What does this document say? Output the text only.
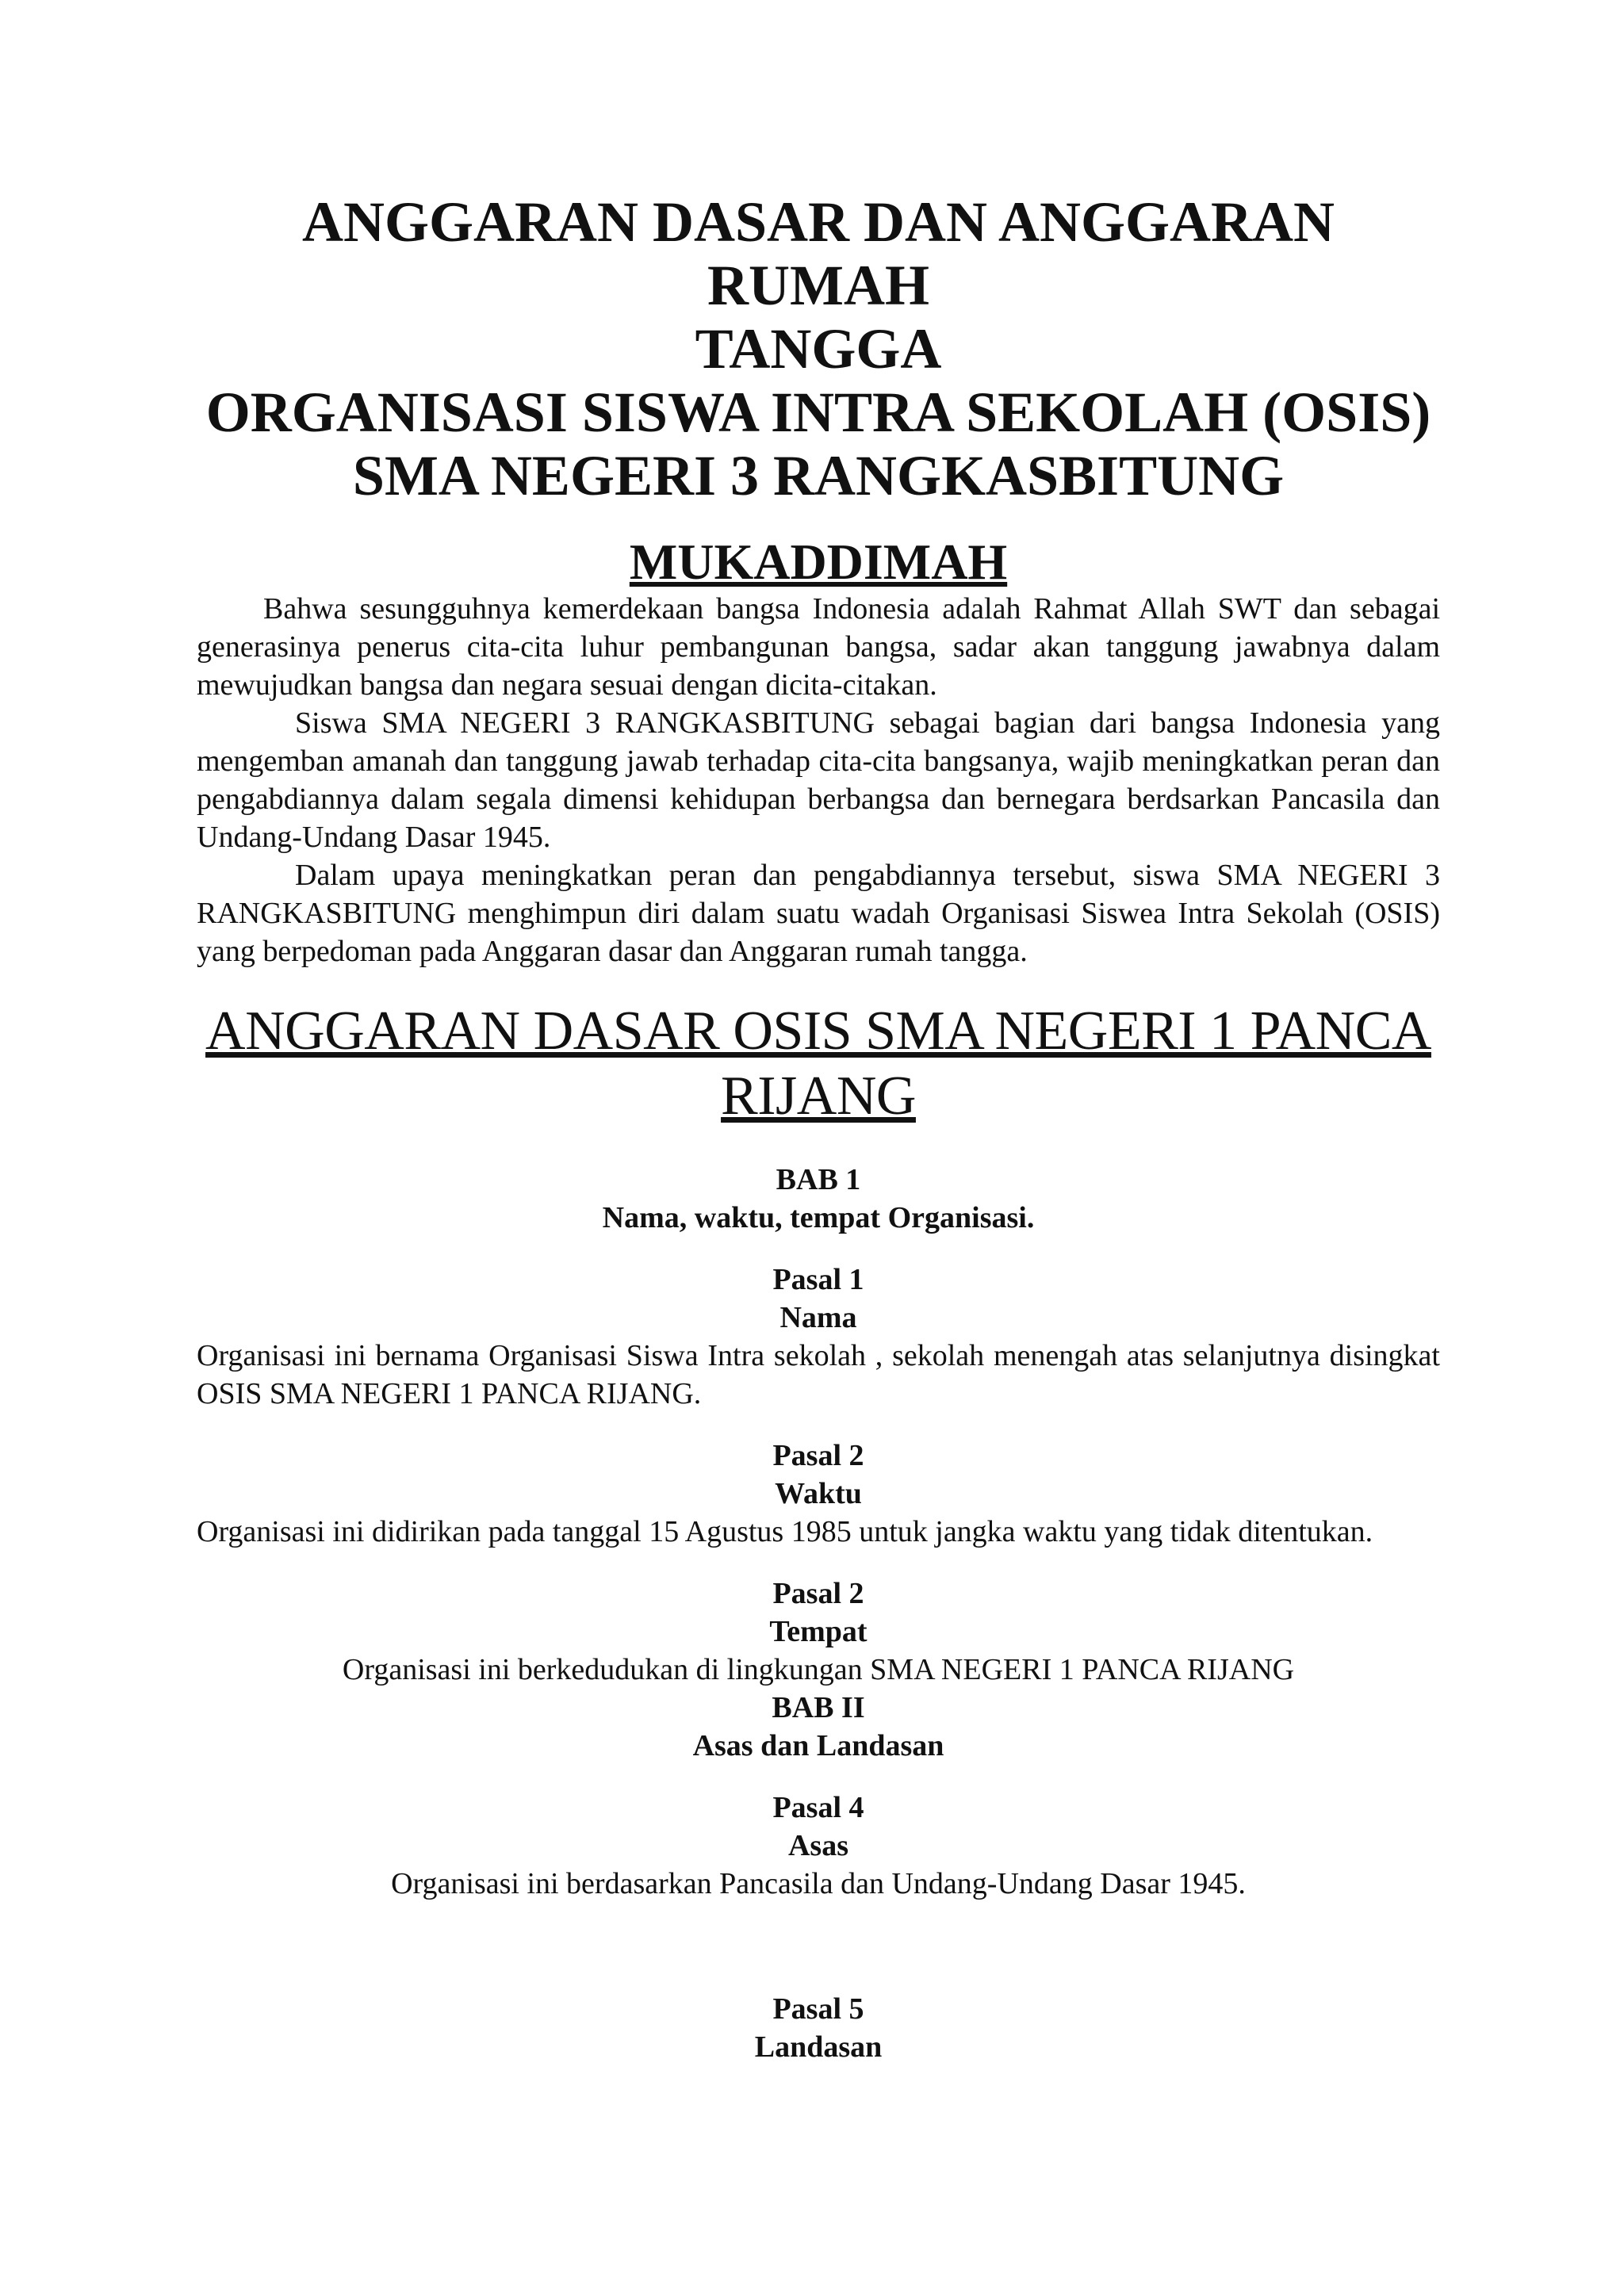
ANGGARAN DASAR DAN ANGGARAN RUMAH

TANGGA

ORGANISASI SISWA INTRA SEKOLAH (OSIS)

SMA NEGERI 3 RANGKASBITUNG

MUKADDIMAH

Bahwa sesungguhnya kemerdekaan bangsa Indonesia adalah Rahmat Allah SWT dan sebagai generasinya penerus cita-cita luhur pembangunan bangsa, sadar akan tanggung jawabnya dalam mewujudkan bangsa dan negara sesuai dengan dicita-citakan.

Siswa SMA NEGERI 3 RANGKASBITUNG sebagai bagian dari bangsa Indonesia yang mengemban amanah dan tanggung jawab terhadap cita-cita bangsanya, wajib meningkatkan peran dan pengabdiannya dalam segala dimensi kehidupan berbangsa dan bernegara berdsarkan Pancasila dan Undang-Undang Dasar 1945.

Dalam upaya meningkatkan peran dan pengabdiannya tersebut, siswa SMA NEGERI 3 RANGKASBITUNG menghimpun diri dalam suatu wadah Organisasi Siswea Intra Sekolah (OSIS) yang berpedoman pada Anggaran dasar dan Anggaran rumah tangga.

ANGGARAN DASAR OSIS SMA NEGERI 1 PANCA RIJANG

BAB 1

Nama, waktu, tempat Organisasi.

Pasal 1

Nama

Organisasi ini bernama Organisasi Siswa Intra sekolah , sekolah menengah atas selanjutnya disingkat OSIS SMA NEGERI 1 PANCA RIJANG.

Pasal 2

Waktu

Organisasi ini didirikan pada tanggal 15 Agustus 1985 untuk jangka waktu yang tidak ditentukan.

Pasal 2

Tempat

Organisasi ini berkedudukan di lingkungan SMA NEGERI 1 PANCA RIJANG

BAB II

Asas dan Landasan

Pasal 4

Asas

Organisasi ini berdasarkan Pancasila dan Undang-Undang Dasar 1945.

Pasal 5

Landasan
